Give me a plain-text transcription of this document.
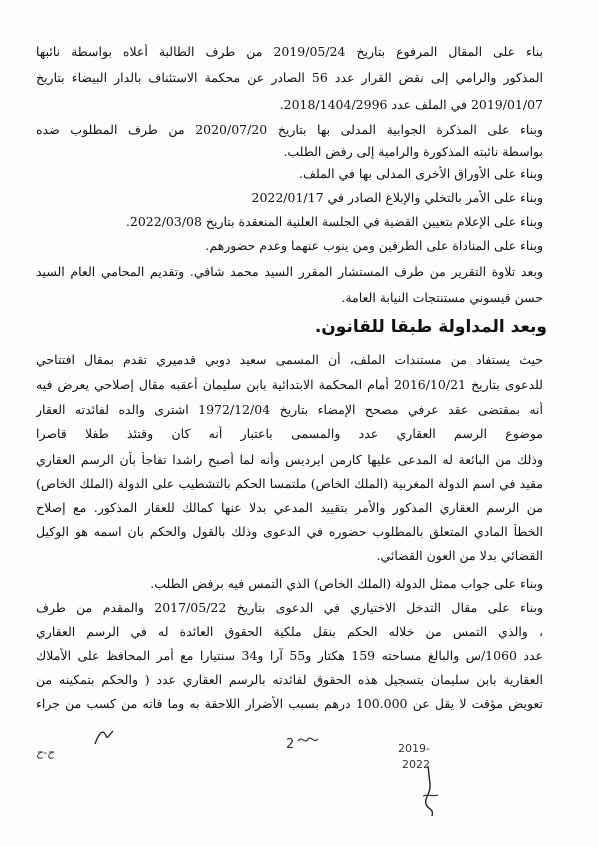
بناء على المقال المرفوع بتاريخ 2019/05/24 من طرف الطالبة أعلاه بواسطة نائبها
المذكور والرامي إلى نقض القرار عدد 56 الصادر عن محكمة الاستئناف بالدار البيضاء بتاريخ
2019/01/07 في الملف عدد 2018/1404/2996.
وبناء على المذكرة الجوابية المدلى بها بتاريخ 2020/07/20 من طرف المطلوب ضده
بواسطة نائبته المذكورة والرامية إلى رفض الطلب.
وبناء على الأوراق الأخرى المدلى بها في الملف.
وبناء على الأمر بالتخلي والإبلاغ الصادر في 2022/01/17
وبناء على الإعلام بتعيين القضية في الجلسة العلنية المنعقدة بتاريخ 2022/03/08.
وبناء على المناداة على الطرفين ومن ينوب عنهما وعدم حضورهم.
وبعد تلاوة التقرير من طرف المستشار المقرر السيد محمد شافي. وتقديم المحامي العام السيد
حسن قيسوني مستنتجات النيابة العامة.
وبعد المداولة طبقا للقانون.
حيث يستفاد من مستندات الملف، أن المسمى سعيد دوبي قدميري تقدم بمقال افتتاحي
للدعوى بتاريخ 2016/10/21 أمام المحكمة الابتدائية بابن سليمان أعقبه مقال إصلاحي يعرض فيه
أنه بمقتضى عقد عرفي مصحح الإمضاء بتاريخ 1972/12/04 اشترى والده لفائدته العقار
موضوع الرسم العقاري عدد والمسمى باعتبار أنه كان وقتئذ طفلا قاصرا
وذلك من البائعة له المدعى عليها كارمن ايرديس وأنه لما أصبح راشدا تفاجأ بأن الرسم العقاري
مقيد في اسم الدولة المغربية (الملك الخاص) ملتمسا الحكم بالتشطيب على الدولة (الملك الخاص)
من الرسم العقاري المذكور والأمر بتقييد المدعي بدلا عنها كمالك للعقار المذكور. مع إصلاح
الخطأ المادي المتعلق بالمطلوب حضوره في الدعوى وذلك بالقول والحكم بان اسمه هو الوكيل
القضائي بدلا من العون القضائي.
وبناء على جواب ممثل الدولة (الملك الخاص) الذي التمس فيه برفض الطلب.
وبناء على مقال التدخل الاختياري في الدعوى بتاريخ 2017/05/22 والمقدم من طرف
، والذي التمس من خلاله الحكم بنقل ملكية الحقوق العائدة له في الرسم العقاري
عدد 1060/س والبالغ مساحته 159 هكتار و55 آرا و34 سنتيارا مع أمر المحافظ على الأملاك
العقارية بابن سليمان بتسجيل هذه الحقوق لفائدته بالرسم العقاري عدد ( والحكم بتمكينه من
تعويض مؤقت لا يقل عن 100.000 درهم بسبب الأضرار اللاحقة به وما فاته من كسب من جراء
ح-ح
2	2019-
2022
